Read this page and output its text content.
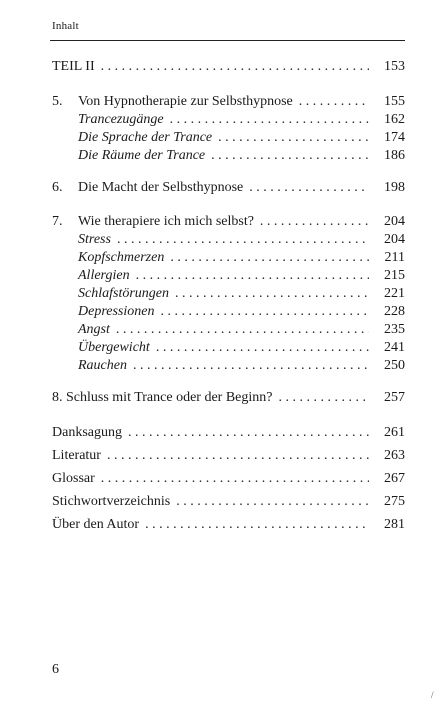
Inhalt
TEIL II . . .	153
5.	Von Hypnotherapie zur Selbsthypnose . . .	155
Trancezugänge . . .	162
Die Sprache der Trance . . .	174
Die Räume der Trance . . .	186
6.	Die Macht der Selbsthypnose . . .	198
7.	Wie therapiere ich mich selbst? . . .	204
Stress . . .	204
Kopfschmerzen . . .	211
Allergien . . .	215
Schlafstörungen . . .	221
Depressionen . . .	228
Angst . . .	235
Übergewicht . . .	241
Rauchen . . .	250
8. Schluss mit Trance oder der Beginn? . . .	257
Danksagung . . .	261
Literatur . . .	263
Glossar . . .	267
Stichwortverzeichnis . . .	275
Über den Autor . . .	281
6
/
